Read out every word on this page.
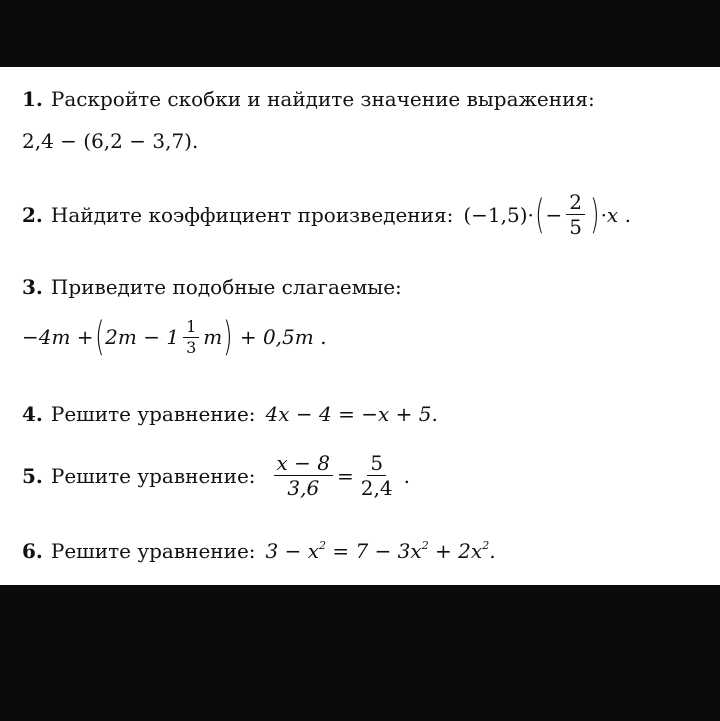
1. Раскройте скобки и найдите значение выражения:
2,4 − (6,2 − 3,7).
2. Найдите коэффициент произведения: (−1,5)· ( − $\frac{2}{5}$ ) ·x .
3. Приведите подобные слагаемые:
−4m + ( $2m - 1 \frac{1}{3}$ m ) + 0,5m .
4. Решите уравнение: 4x − 4 = −x + 5.
5. Решите уравнение: $\frac{x - 8}{3,6} = \frac{5}{2,4}$ .
6. Решите уравнение: $3 - x^2 = 7 - 3x^2 + 2x^2$.
